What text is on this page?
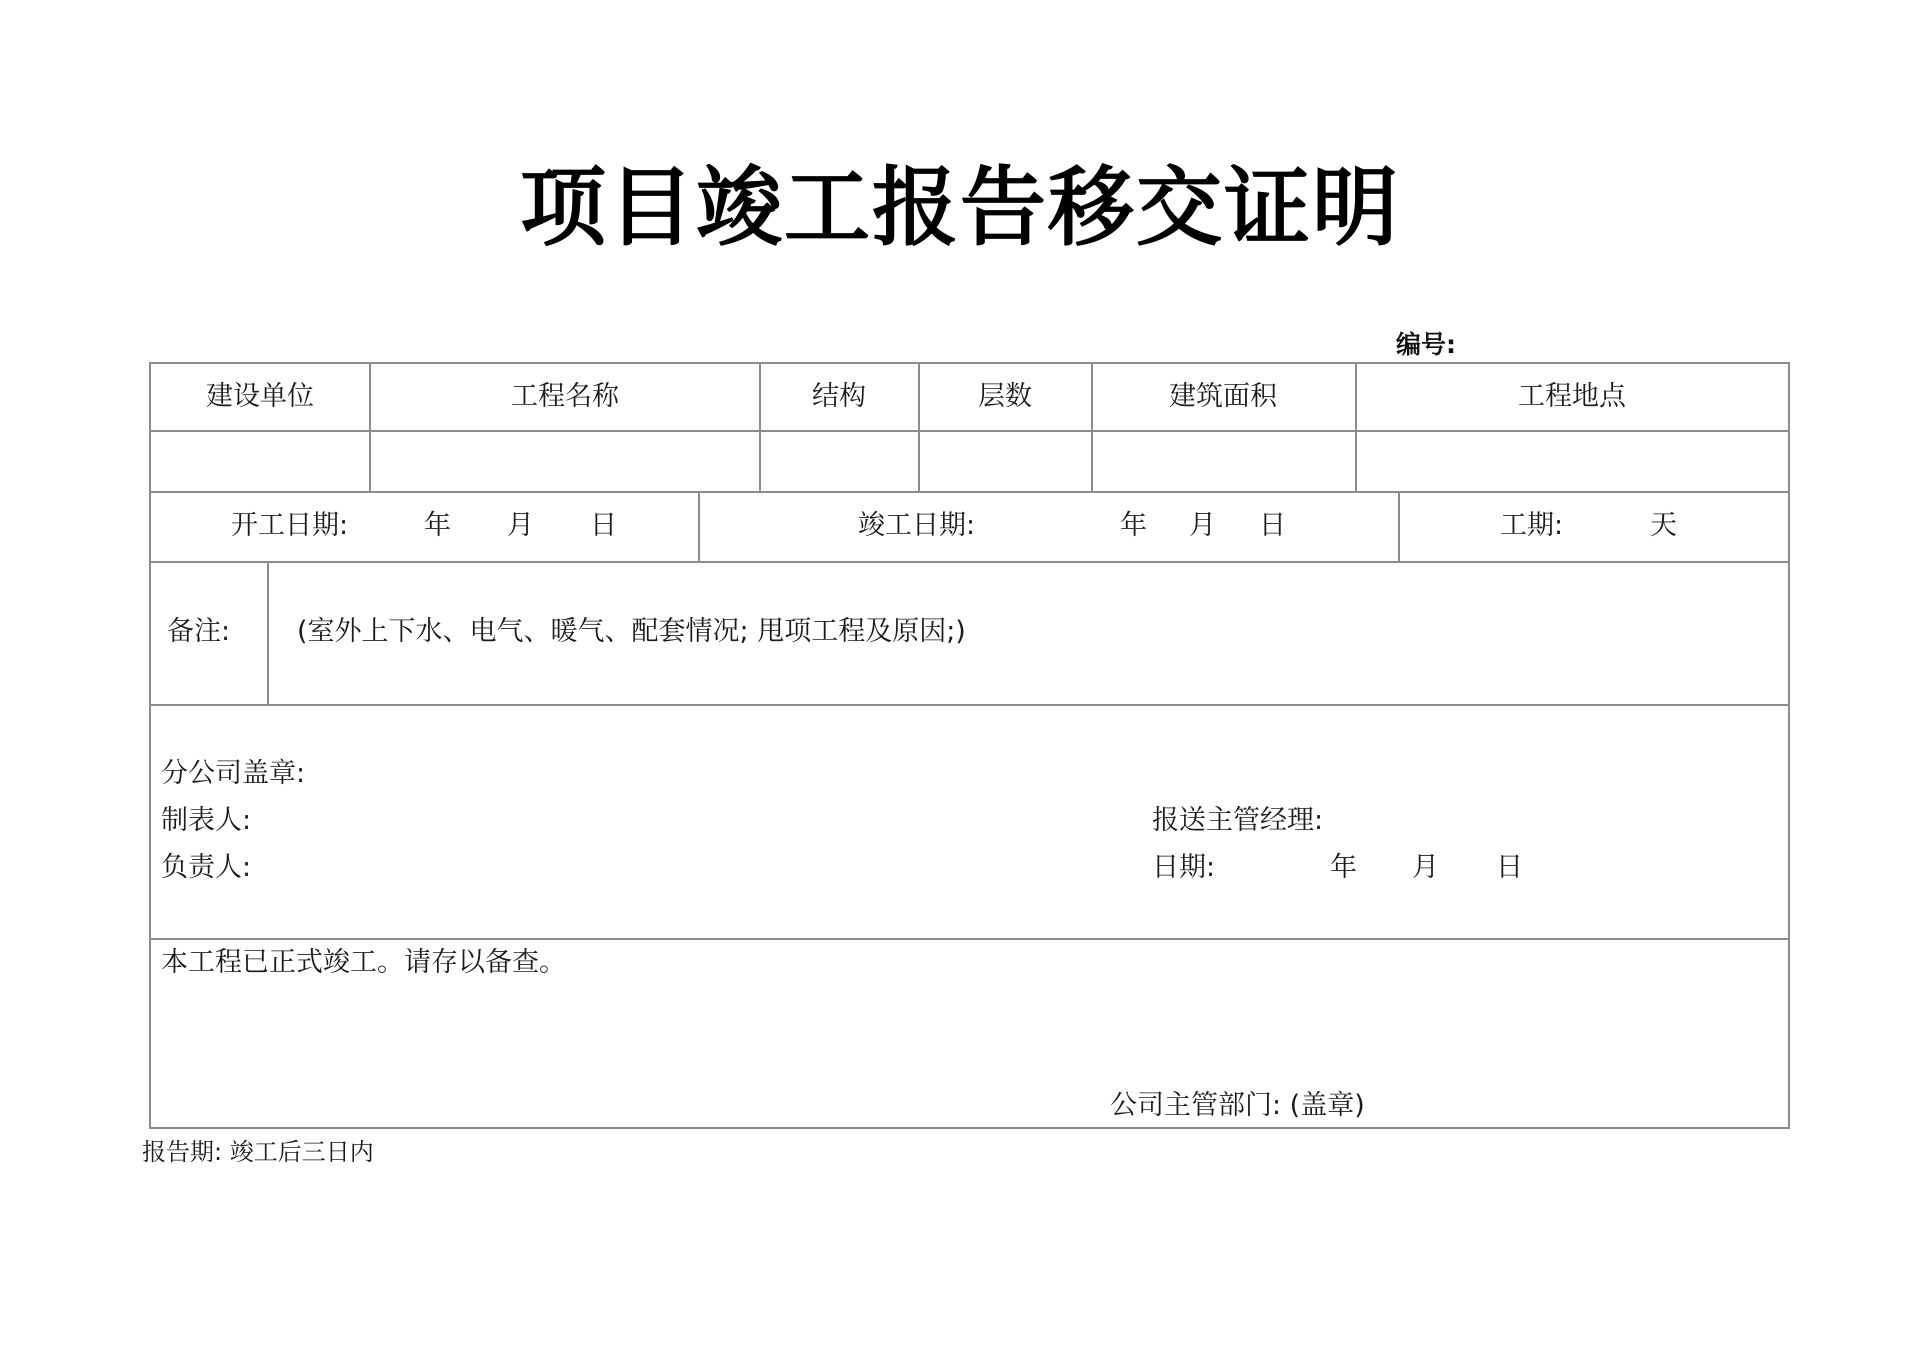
项目竣工报告移交证明
编号:
建设单位	工程名称	结构	层数	建筑面积	工程地点
开工日期:	年 月 日	竣工日期:	年 月 日	工期:	天
备注: (室外上下水、电气、暖气、配套情况; 甩项工程及原因;)
分公司盖章:
制表人:
负责人:
报送主管经理:
日期:	年 月 日
本工程已正式竣工。请存以备查。
公司主管部门: (盖章)
报告期: 竣工后三日内
